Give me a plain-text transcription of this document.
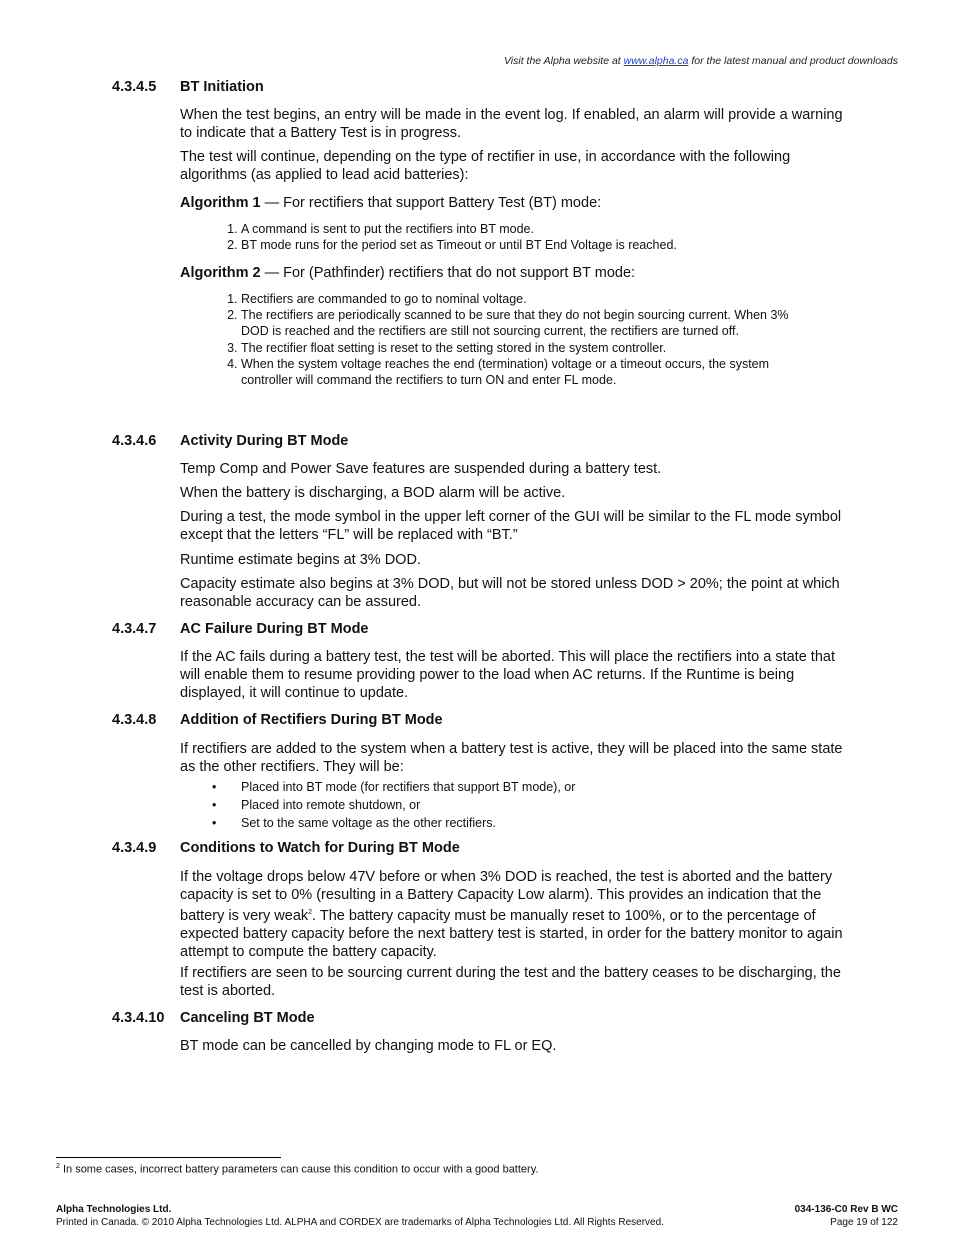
Visit the Alpha website at www.alpha.ca for the latest manual and product downloads
4.3.4.5 BT Initiation

When the test begins, an entry will be made in the event log. If enabled, an alarm will provide a warning to indicate that a Battery Test is in progress.

The test will continue, depending on the type of rectifier in use, in accordance with the following algorithms (as applied to lead acid batteries):

Algorithm 1 — For rectifiers that support Battery Test (BT) mode:

1. A command is sent to put the rectifiers into BT mode.
2. BT mode runs for the period set as Timeout or until BT End Voltage is reached.

Algorithm 2 — For (Pathfinder) rectifiers that do not support BT mode:

1. Rectifiers are commanded to go to nominal voltage.
2. The rectifiers are periodically scanned to be sure that they do not begin sourcing current. When 3% DOD is reached and the rectifiers are still not sourcing current, the rectifiers are turned off.
3. The rectifier float setting is reset to the setting stored in the system controller.
4. When the system voltage reaches the end (termination) voltage or a timeout occurs, the system controller will command the rectifiers to turn ON and enter FL mode.
4.3.4.6 Activity During BT Mode

Temp Comp and Power Save features are suspended during a battery test.

When the battery is discharging, a BOD alarm will be active.

During a test, the mode symbol in the upper left corner of the GUI will be similar to the FL mode symbol except that the letters “FL” will be replaced with “BT.”

Runtime estimate begins at 3% DOD.

Capacity estimate also begins at 3% DOD, but will not be stored unless DOD > 20%; the point at which reasonable accuracy can be assured.

4.3.4.7 AC Failure During BT Mode

If the AC fails during a battery test, the test will be aborted. This will place the rectifiers into a state that will enable them to resume providing power to the load when AC returns. If the Runtime is being displayed, it will continue to update.

4.3.4.8 Addition of Rectifiers During BT Mode

If rectifiers are added to the system when a battery test is active, they will be placed into the same state as the other rectifiers. They will be:

• Placed into BT mode (for rectifiers that support BT mode), or
• Placed into remote shutdown, or
• Set to the same voltage as the other rectifiers.
4.3.4.9 Conditions to Watch for During BT Mode

If the voltage drops below 47V before or when 3% DOD is reached, the test is aborted and the battery capacity is set to 0% (resulting in a Battery Capacity Low alarm). This provides an indication that the battery is very weak$^2$. The battery capacity must be manually reset to 100%, or to the percentage of expected battery capacity before the next battery test is started, in order for the battery monitor to again attempt to compute the battery capacity.

If rectifiers are seen to be sourcing current during the test and the battery ceases to be discharging, the test is aborted.

4.3.4.10 Canceling BT Mode

BT mode can be cancelled by changing mode to FL or EQ.

$^2$ In some cases, incorrect battery parameters can cause this condition to occur with a good battery.
Alpha Technologies Ltd.
Printed in Canada. © 2010 Alpha Technologies Ltd. ALPHA and CORDEX are trademarks of Alpha Technologies Ltd. All Rights Reserved.
034-136-C0 Rev B WC
Page 19 of 122
